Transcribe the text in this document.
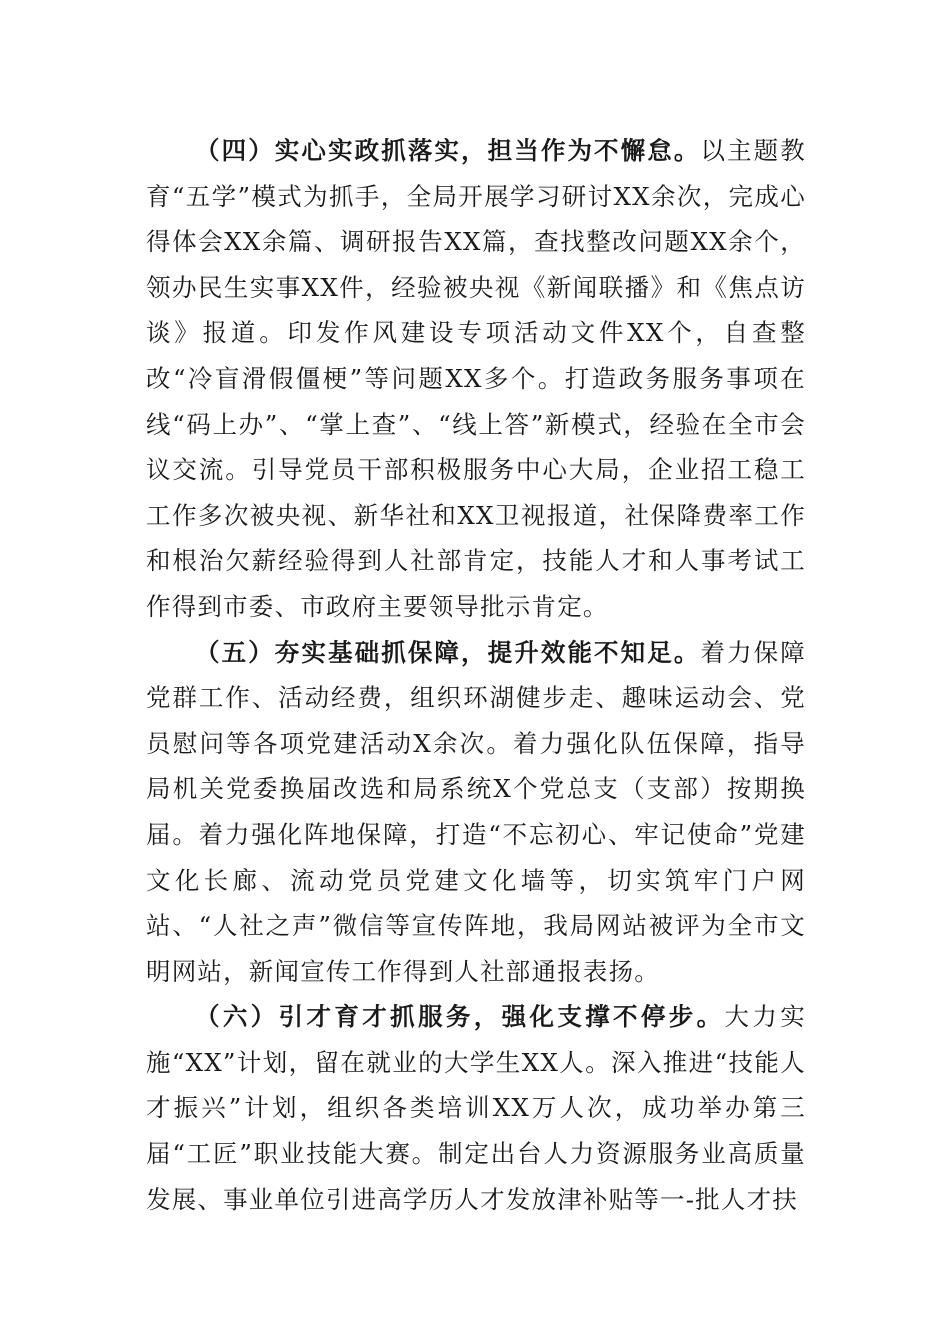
（四）实心实政抓落实，担当作为不懈怠。以主题教育“五学”模式为抓手，全局开展学习研讨XX余次，完成心得体会XX余篇、调研报告XX篇，查找整改问题XX余个，领办民生实事XX件，经验被央视《新闻联播》和《焦点访谈》报道。印发作风建设专项活动文件XX个，自查整改“冷盲滑假僵梗”等问题XX多个。打造政务服务事项在线“码上办”、“掌上查”、“线上答”新模式，经验在全市会议交流。引导党员干部积极服务中心大局，企业招工稳工工作多次被央视、新华社和XX卫视报道，社保降费率工作和根治欠薪经验得到人社部肯定，技能人才和人事考试工作得到市委、市政府主要领导批示肯定。

（五）夯实基础抓保障，提升效能不知足。着力保障党群工作、活动经费，组织环湖健步走、趣味运动会、党员慰问等各项党建活动X余次。着力强化队伍保障，指导局机关党委换届改选和局系统X个党总支（支部）按期换届。着力强化阵地保障，打造“不忘初心、牢记使命”党建文化长廊、流动党员党建文化墙等，切实筑牢门户网站、“人社之声”微信等宣传阵地，我局网站被评为全市文明网站，新闻宣传工作得到人社部通报表扬。

（六）引才育才抓服务，强化支撑不停步。大力实施“XX”计划，留在就业的大学生XX人。深入推进“技能人才振兴”计划，组织各类培训XX万人次，成功举办第三届“工匠”职业技能大赛。制定出台人力资源服务业高质量发展、事业单位引进高学历人才发放津补贴等一-批人才扶
